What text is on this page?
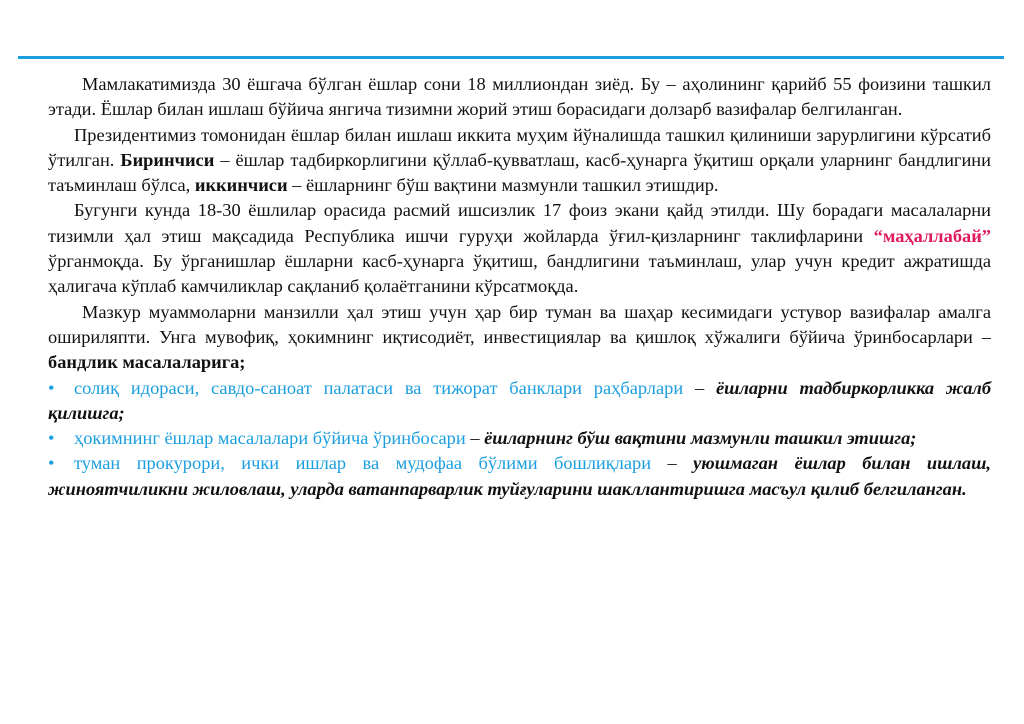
Мамлакатимизда 30 ёшгача бўлган ёшлар сони 18 миллиондан зиёд. Бу – аҳолининг қарийб 55 фоизини ташкил этади. Ёшлар билан ишлаш бўйича янгича тизимни жорий этиш борасидаги долзарб вазифалар белгиланган.

Президентимиз томонидан ёшлар билан ишлаш иккита муҳим йўналишда ташкил қилиниши зарурлигини кўрсатиб ўтилган. Биринчиси – ёшлар тадбиркорлигини қўллаб-қувватлаш, касб-ҳунарга ўқитиш орқали уларнинг бандлигини таъминлаш бўлса, иккинчиси – ёшларнинг бўш вақтини мазмунли ташкил этишдир.

Бугунги кунда 18-30 ёшлилар орасида расмий ишсизлик 17 фоиз экани қайд этилди. Шу борадаги масалаларни тизимли ҳал этиш мақсадида Республика ишчи гуруҳи жойларда ўғил-қизларнинг таклифларини “маҳаллабай” ўрганмоқда. Бу ўрганишлар ёшларни касб-ҳунарга ўқитиш, бандлигини таъминлаш, улар учун кредит ажратишда ҳалигача кўплаб камчиликлар сақланиб қолаётганини кўрсатмоқда.

Мазкур муаммоларни манзилли ҳал этиш учун ҳар бир туман ва шаҳар кесимидаги устувор вазифалар амалга ошириляпти. Унга мувофиқ, ҳокимнинг иқтисодиёт, инвестициялар ва қишлоқ хўжалиги бўйича ўринбосарлари – бандлик масалаларига;

• солиқ идораси, савдо-саноат палатаси ва тижорат банклари раҳбарлари – ёшларни тадбиркорликка жалб қилишга;

• ҳокимнинг ёшлар масалалари бўйича ўринбосари – ёшларнинг бўш вақтини мазмунли ташкил этишга;

• туман прокурори, ички ишлар ва мудофаа бўлими бошлиқлари – уюшмаган ёшлар билан ишлаш, жиноятчиликни жиловлаш, уларда ватанпарварлик туйғуларини шакллантиришга масъул қилиб белгиланган.
